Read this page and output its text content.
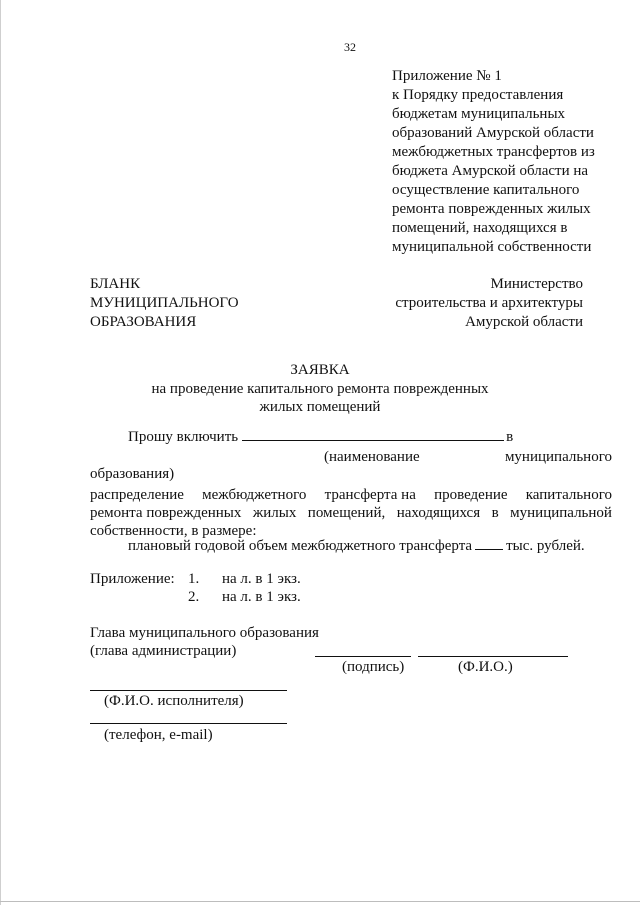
32
Приложение № 1
к Порядку предоставления
бюджетам муниципальных
образований Амурской области
межбюджетных трансфертов из
бюджета Амурской области на
осуществление капитального
ремонта поврежденных жилых
помещений, находящихся в
муниципальной собственности
БЛАНК
МУНИЦИПАЛЬНОГО
ОБРАЗОВАНИЯ
Министерство
строительства и архитектуры
Амурской области
ЗАЯВКА
на проведение капитального ремонта поврежденных
жилых помещений
Прошу включить	в
(наименование	муниципального
образования)
распределение межбюджетного трансферта на проведение капитального
ремонта поврежденных жилых помещений, находящихся в муниципальной
собственности, в размере:
плановый годовой объем межбюджетного трансферта тыс. рублей.
Приложение: 1. на л. в 1 экз.
2. на л. в 1 экз.
Глава муниципального образования
(глава администрации)
(подпись)	(Ф.И.О.)
(Ф.И.О. исполнителя)
(телефон, e-mail)
